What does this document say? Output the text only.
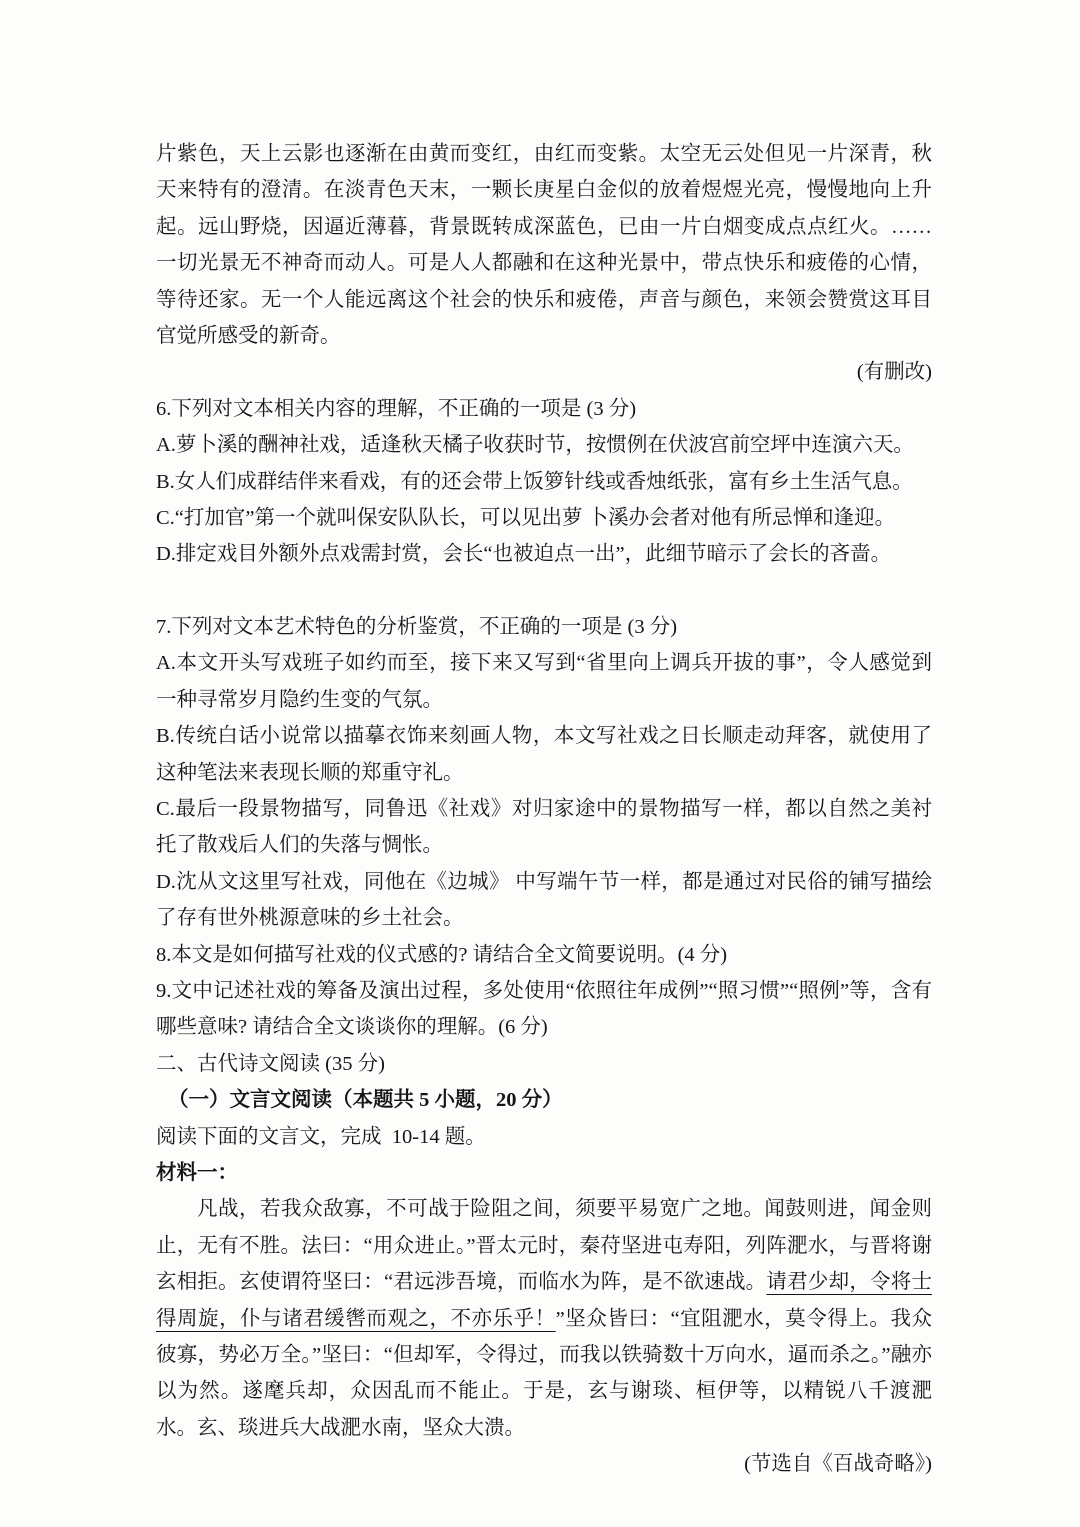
片紫色，天上云影也逐渐在由黄而变红，由红而变紫。太空无云处但见一片深青，秋天来特有的澄清。在淡青色天末，一颗长庚星白金似的放着煜煜光亮，慢慢地向上升起。远山野烧，因逼近薄暮，背景既转成深蓝色，已由一片白烟变成点点红火。……一切光景无不神奇而动人。可是人人都融和在这种光景中，带点快乐和疲倦的心情，等待还家。无一个人能远离这个社会的快乐和疲倦，声音与颜色，来领会赞赏这耳目官觉所感受的新奇。

(有删改)

6.下列对文本相关内容的理解，不正确的一项是 (3 分)

A.萝卜溪的酬神社戏，适逢秋天橘子收获时节，按惯例在伏波宫前空坪中连演六天。

B.女人们成群结伴来看戏，有的还会带上饭箩针线或香烛纸张，富有乡土生活气息。

C.“打加官”第一个就叫保安队队长，可以见出萝 卜溪办会者对他有所忌惮和逢迎。

D.排定戏目外额外点戏需封赏，会长“也被迫点一出”，此细节暗示了会长的吝啬。

7.下列对文本艺术特色的分析鉴赏，不正确的一项是 (3 分)

A.本文开头写戏班子如约而至，接下来又写到“省里向上调兵开拔的事”，令人感觉到一种寻常岁月隐约生变的气氛。

B.传统白话小说常以描摹衣饰来刻画人物，本文写社戏之日长顺走动拜客，就使用了这种笔法来表现长顺的郑重守礼。

C.最后一段景物描写，同鲁迅《社戏》对归家途中的景物描写一样，都以自然之美衬托了散戏后人们的失落与惆怅。

D.沈从文这里写社戏，同他在《边城》 中写端午节一样，都是通过对民俗的铺写描绘了存有世外桃源意味的乡土社会。

8.本文是如何描写社戏的仪式感的? 请结合全文简要说明。(4 分)

9.文中记述社戏的筹备及演出过程，多处使用“依照往年成例”“照习惯”“照例”等，含有哪些意味? 请结合全文谈谈你的理解。(6 分)

二、古代诗文阅读 (35 分)

（一）文言文阅读（本题共 5 小题，20 分）

阅读下面的文言文，完成  10-14 题。

材料一：

凡战，若我众敌寡，不可战于险阻之间，须要平易宽广之地。闻鼓则进，闻金则止，无有不胜。法曰：“用众进止。”晋太元时，秦苻坚进屯寿阳，列阵淝水，与晋将谢玄相拒。玄使谓符坚曰：“君远涉吾境，而临水为阵，是不欲速战。请君少却，令将士得周旋，仆与诸君缓辔而观之，不亦乐乎！”坚众皆曰：“宜阻淝水，莫令得上。我众彼寡，势必万全。”坚曰：“但却军，令得过，而我以铁骑数十万向水，逼而杀之。”融亦以为然。遂麾兵却，众因乱而不能止。于是，玄与谢琰、桓伊等，以精锐八千渡淝水。玄、琰进兵大战淝水南，坚众大溃。

(节选自《百战奇略》)
